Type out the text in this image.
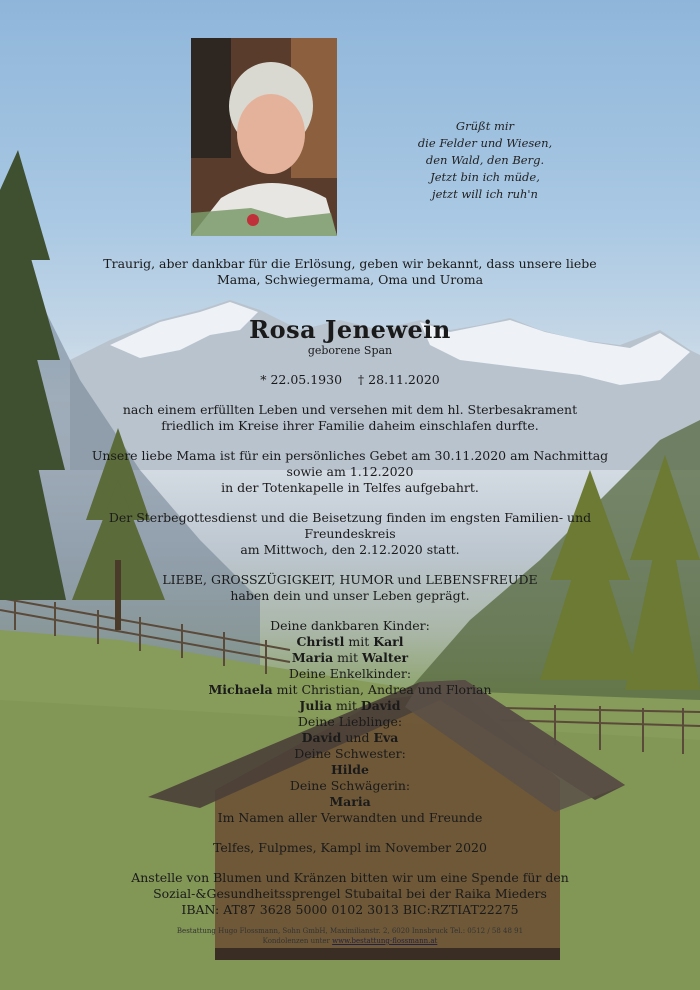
Grüßt mir
die Felder und Wiesen,
den Wald, den Berg.
Jetzt bin ich müde,
jetzt will ich ruh'n
Traurig, aber dankbar für die Erlösung, geben wir bekannt, dass unsere liebe
Mama, Schwiegermama, Oma und Uroma
Rosa Jenewein
geborene Span
* 22.05.1930    † 28.11.2020
nach einem erfüllten Leben und versehen mit dem hl. Sterbesakrament
friedlich im Kreise ihrer Familie daheim einschlafen durfte.
Unsere liebe Mama ist für ein persönliches Gebet am 30.11.2020 am Nachmittag
sowie am 1.12.2020
in der Totenkapelle in Telfes aufgebahrt.
Der Sterbegottesdienst und die Beisetzung finden im engsten Familien- und
Freundeskreis
am Mittwoch, den 2.12.2020 statt.
LIEBE, GROSSZÜGIGKEIT, HUMOR und LEBENSFREUDE
haben dein und unser Leben geprägt.
Deine dankbaren Kinder:
Christl mit Karl
Maria mit Walter
Deine Enkelkinder:
Michaela mit Christian, Andrea und Florian
Julia mit David
Deine Lieblinge:
David und Eva
Deine Schwester:
Hilde
Deine Schwägerin:
Maria
Im Namen aller Verwandten und Freunde
Telfes, Fulpmes, Kampl im November 2020
Anstelle von Blumen und Kränzen bitten wir um eine Spende für den
Sozial-&Gesundheitssprengel Stubaital bei der Raika Mieders
IBAN: AT87 3628 5000 0102 3013 BIC:RZTIAT22275
Bestattung Hugo Flossmann, Sohn GmbH, Maximilianstr. 2, 6020 Innsbruck Tel.: 0512 / 58 48 91
Kondolenzen unter www.bestattung-flossmann.at
